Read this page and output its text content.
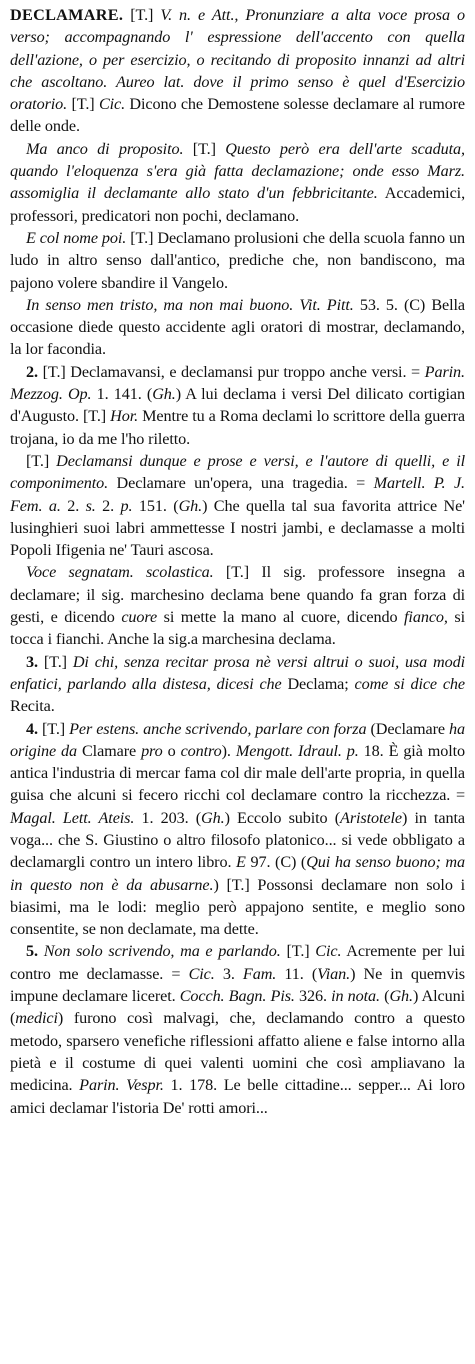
DECLAMARE. [T.] V. n. e Att., Pronunziare a alta voce prosa o verso; accompagnando l' espressione dell'accento con quella dell'azione, o per esercizio, o recitando di proposito innanzi ad altri che ascoltano. Aureo lat. dove il primo senso è quel d'Esercizio oratorio. [T.] Cic. Dicono che Demostene solesse declamare al rumore delle onde.

Ma anco di proposito. [T.] Questo però era dell'arte scaduta, quando l'eloquenza s'era già fatta declamazione; onde esso Marz. assomiglia il declamante allo stato d'un febbricitante. Accademici, professori, predicatori non pochi, declamano.

E col nome poi. [T.] Declamano prolusioni che della scuola fanno un ludo in altro senso dall'antico, prediche che, non bandiscono, ma pajono volere sbandire il Vangelo.

In senso men tristo, ma non mai buono. Vit. Pitt. 53. 5. (C) Bella occasione diede questo accidente agli oratori di mostrar, declamando, la lor facondia.

2. [T.] Declamavansi, e declamansi pur troppo anche versi. = Parin. Mezzog. Op. 1. 141. (Gh.) A lui declama i versi Del dilicato cortigian d'Augusto. [T.] Hor. Mentre tu a Roma declami lo scrittore della guerra trojana, io da me l'ho riletto.

[T.] Declamansi dunque e prose e versi, e l'autore di quelli, e il componimento. Declamare un'opera, una tragedia. = Martell. P. J. Fem. a. 2. s. 2. p. 151. (Gh.) Che quella tal sua favorita attrice Ne' lusinghieri suoi labri ammettesse I nostri jambi, e declamasse a molti Popoli Ifigenia ne' Tauri ascosa.

Voce segnatam. scolastica. [T.] Il sig. professore insegna a declamare; il sig. marchesino declama bene quando fa gran forza di gesti, e dicendo cuore si mette la mano al cuore, dicendo fianco, si tocca i fianchi. Anche la sig.a marchesina declama.

3. [T.] Di chi, senza recitar prosa nè versi altrui o suoi, usa modi enfatici, parlando alla distesa, dicesi che Declama; come si dice che Recita.

4. [T.] Per estens. anche scrivendo, parlare con forza (Declamare ha origine da Clamare pro o contro). Mengott. Idraul. p. 18. È già molto antica l'industria di mercar fama col dir male dell'arte propria, in quella guisa che alcuni si fecero ricchi col declamare contro la ricchezza. = Magal. Lett. Ateis. 1. 203. (Gh.) Eccolo subito (Aristotele) in tanta voga... che S. Giustino o altro filosofo platonico... si vede obbligato a declamargli contro un intero libro. E 97. (C) (Qui ha senso buono; ma in questo non è da abusarne.) [T.] Possonsi declamare non solo i biasimi, ma le lodi: meglio però appajono sentite, e meglio sono consentite, se non declamate, ma dette.

5. Non solo scrivendo, ma e parlando. [T.] Cic. Acremente per lui contro me declamasse. = Cic. 3. Fam. 11. (Vian.) Ne in quemvis impune declamare liceret. Cocch. Bagn. Pis. 326. in nota. (Gh.) Alcuni (medici) furono così malvagi, che, declamando contro a questo metodo, sparsero venefiche riflessioni affatto aliene e false intorno alla pietà e il costume di quei valenti uomini che così ampliavano la medicina. Parin. Vespr. 1. 178. Le belle cittadine... sepper... Ai loro amici declamar l'istoria De' rotti amori...
